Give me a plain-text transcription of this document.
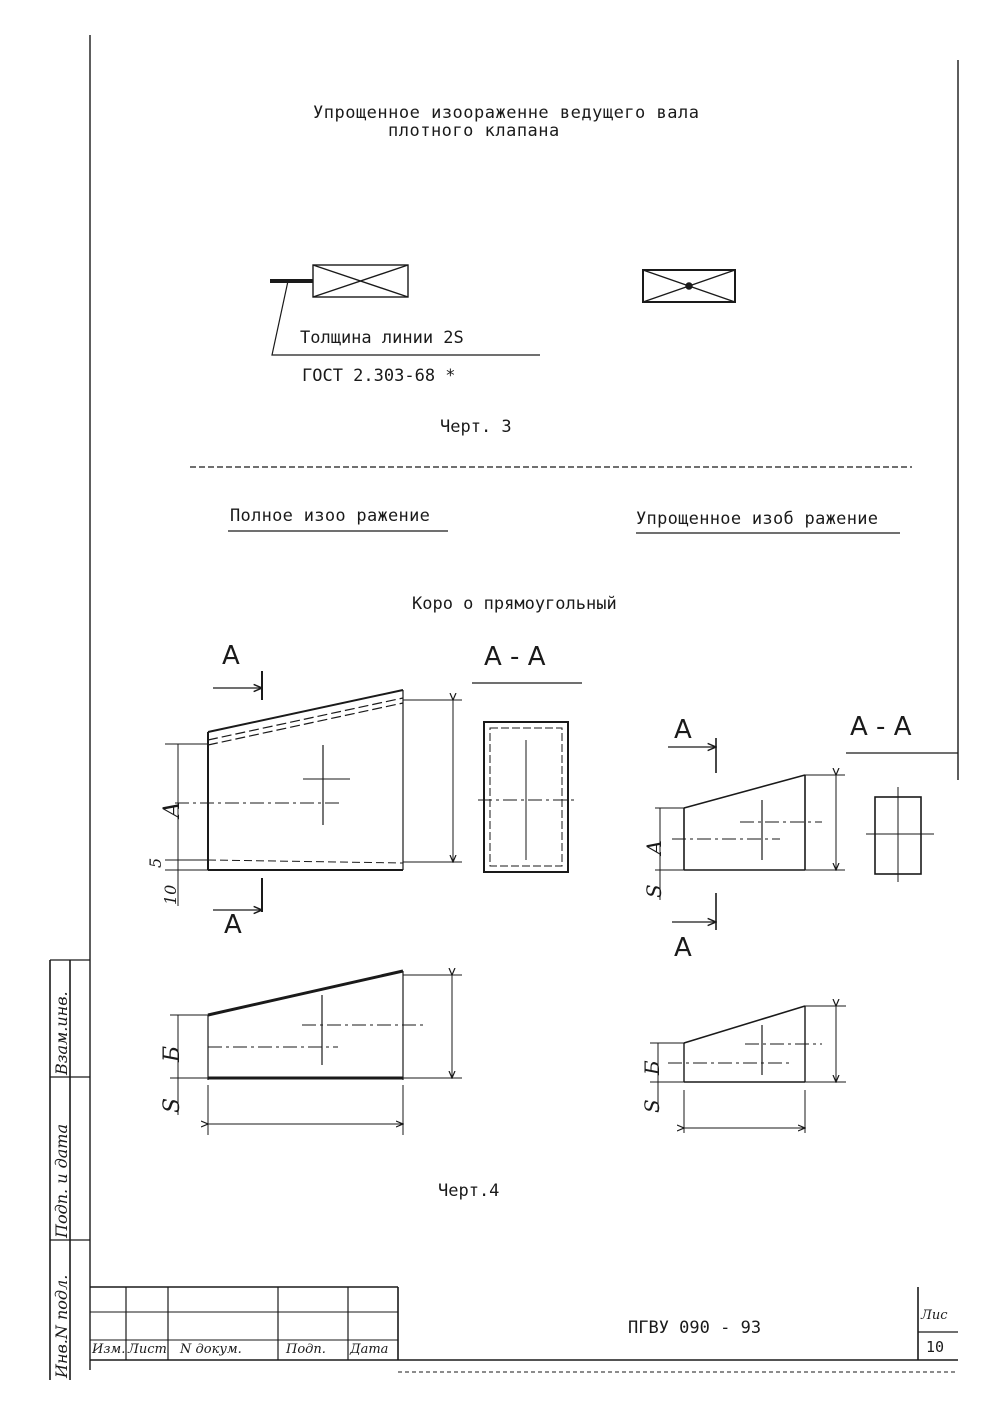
Упрощенное изоораженне ведущего вала
плотного клапана
Толщина линии 2S
ГОСТ 2.303-68 *
Черт. 3
Полное изоо ражение	Упрощенное изоб ражение
Коро о прямоугольный
А	А - А
А
А
5
10
Б
S
А	А - А
А
А
S
Б
S
Черт.4
Взам.инв.
Подп. и дата
Инв.N подл. Изм. Лист N докум.	Подп. Дата
ПГВУ 090 - 93
Лис
10
